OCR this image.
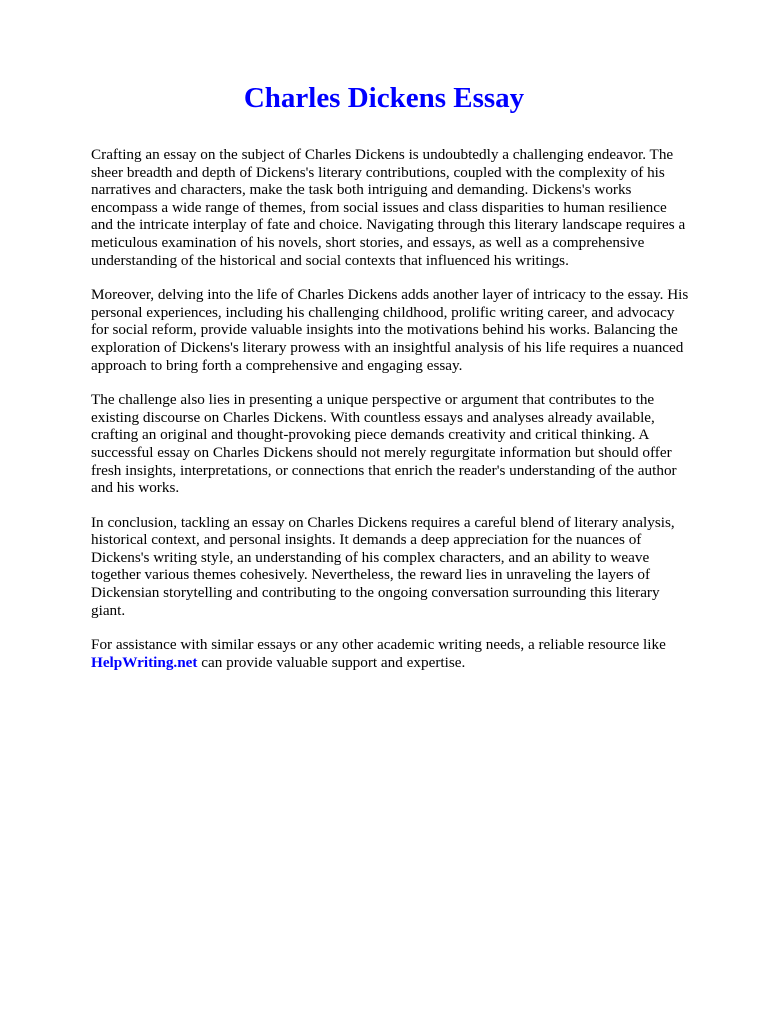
Charles Dickens Essay

Crafting an essay on the subject of Charles Dickens is undoubtedly a challenging endeavor. The sheer breadth and depth of Dickens's literary contributions, coupled with the complexity of his narratives and characters, make the task both intriguing and demanding. Dickens's works encompass a wide range of themes, from social issues and class disparities to human resilience and the intricate interplay of fate and choice. Navigating through this literary landscape requires a meticulous examination of his novels, short stories, and essays, as well as a comprehensive understanding of the historical and social contexts that influenced his writings.

Moreover, delving into the life of Charles Dickens adds another layer of intricacy to the essay. His personal experiences, including his challenging childhood, prolific writing career, and advocacy for social reform, provide valuable insights into the motivations behind his works. Balancing the exploration of Dickens's literary prowess with an insightful analysis of his life requires a nuanced approach to bring forth a comprehensive and engaging essay.

The challenge also lies in presenting a unique perspective or argument that contributes to the existing discourse on Charles Dickens. With countless essays and analyses already available, crafting an original and thought-provoking piece demands creativity and critical thinking. A successful essay on Charles Dickens should not merely regurgitate information but should offer fresh insights, interpretations, or connections that enrich the reader's understanding of the author and his works.

In conclusion, tackling an essay on Charles Dickens requires a careful blend of literary analysis, historical context, and personal insights. It demands a deep appreciation for the nuances of Dickens's writing style, an understanding of his complex characters, and an ability to weave together various themes cohesively. Nevertheless, the reward lies in unraveling the layers of Dickensian storytelling and contributing to the ongoing conversation surrounding this literary giant.

For assistance with similar essays or any other academic writing needs, a reliable resource like HelpWriting.net can provide valuable support and expertise.
